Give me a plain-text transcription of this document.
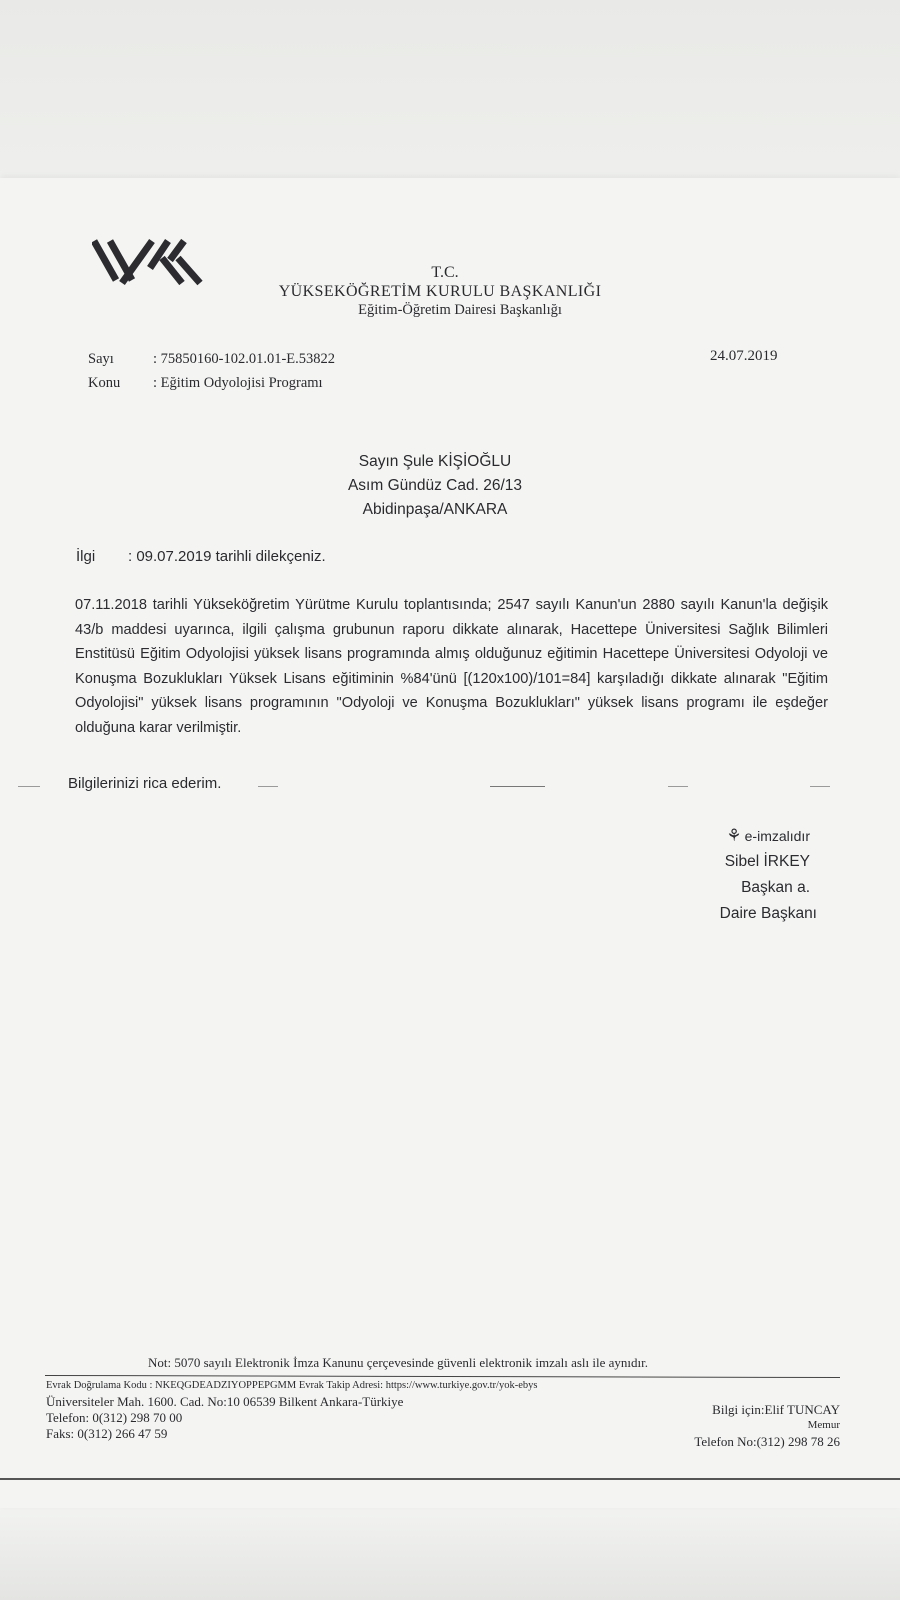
T.C.
YÜKSEKÖĞRETİM KURULU BAŞKANLIĞI
Eğitim-Öğretim Dairesi Başkanlığı
Sayı	: 75850160-102.01.01-E.53822
Konu : Eğitim Odyolojisi Programı
24.07.2019
Sayın Şule KİŞİOĞLU
Asım Gündüz Cad. 26/13
Abidinpaşa/ANKARA
İlgi : 09.07.2019 tarihli dilekçeniz.
07.11.2018 tarihli Yükseköğretim Yürütme Kurulu toplantısında; 2547 sayılı Kanun'un 2880 sayılı Kanun'la değişik 43/b maddesi uyarınca, ilgili çalışma grubunun raporu dikkate alınarak, Hacettepe Üniversitesi Sağlık Bilimleri Enstitüsü Eğitim Odyolojisi yüksek lisans programında almış olduğunuz eğitimin Hacettepe Üniversitesi Odyoloji ve Konuşma Bozuklukları Yüksek Lisans eğitiminin %84'ünü [(120x100)/101=84] karşıladığı dikkate alınarak "Eğitim Odyolojisi" yüksek lisans programının "Odyoloji ve Konuşma Bozuklukları" yüksek lisans programı ile eşdeğer olduğuna karar verilmiştir.
Bilgilerinizi rica ederim.
⚘ e-imzalıdır
Sibel İRKEY
Başkan a.
Daire Başkanı
Not: 5070 sayılı Elektronik İmza Kanunu çerçevesinde güvenli elektronik imzalı aslı ile aynıdır.
Evrak Doğrulama Kodu : NKEQGDEADZIYOPPEPGMM Evrak Takip Adresi: https://www.turkiye.gov.tr/yok-ebys
Üniversiteler Mah. 1600. Cad. No:10 06539 Bilkent Ankara-Türkiye
Telefon: 0(312) 298 70 00
Faks: 0(312) 266 47 59
Bilgi için:Elif TUNCAY
Memur
Telefon No:(312) 298 78 26
